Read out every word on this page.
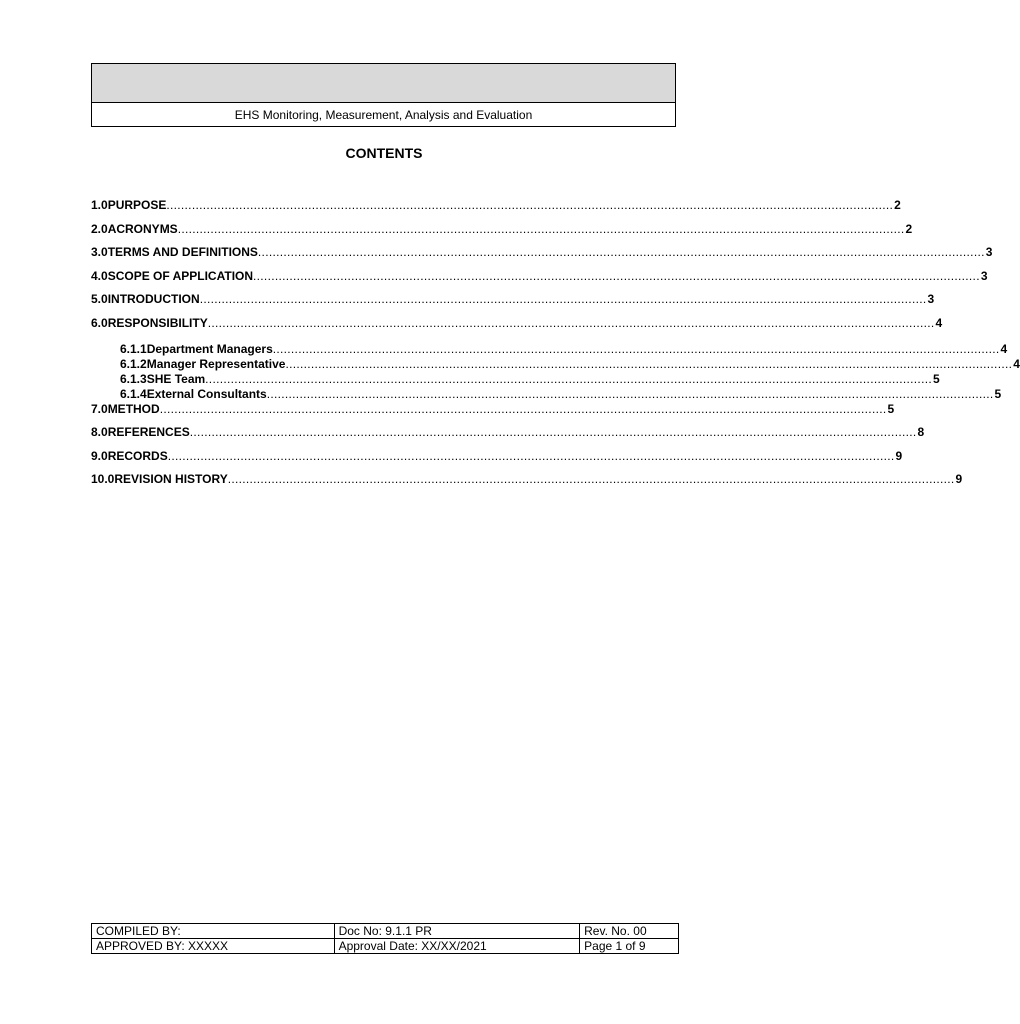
EHS Monitoring, Measurement, Analysis and Evaluation
CONTENTS
1.0 PURPOSE ........................................................................................................................................................................................................ 2
2.0 ACRONYMS ........................................................................................................................................................................................................ 2
3.0 TERMS AND DEFINITIONS ........................................................................................................................................................................................................ 3
4.0 SCOPE OF APPLICATION ........................................................................................................................................................................................................ 3
5.0 INTRODUCTION ........................................................................................................................................................................................................ 3
6.0 RESPONSIBILITY ........................................................................................................................................................................................................ 4
6.1.1 Department Managers ........................................................................................................................................................................................................ 4
6.1.2 Manager Representative ........................................................................................................................................................................................................ 4
6.1.3 SHE Team ........................................................................................................................................................................................................ 5
6.1.4 External Consultants ........................................................................................................................................................................................................ 5
7.0 METHOD ........................................................................................................................................................................................................ 5
8.0 REFERENCES ........................................................................................................................................................................................................ 8
9.0 RECORDS ........................................................................................................................................................................................................ 9
10.0 REVISION HISTORY ........................................................................................................................................................................................................ 9
COMPILED BY:	Doc No: 9.1.1 PR	Rev. No. 00
APPROVED BY: XXXXX	Approval Date: XX/XX/2021	Page 1 of 9
